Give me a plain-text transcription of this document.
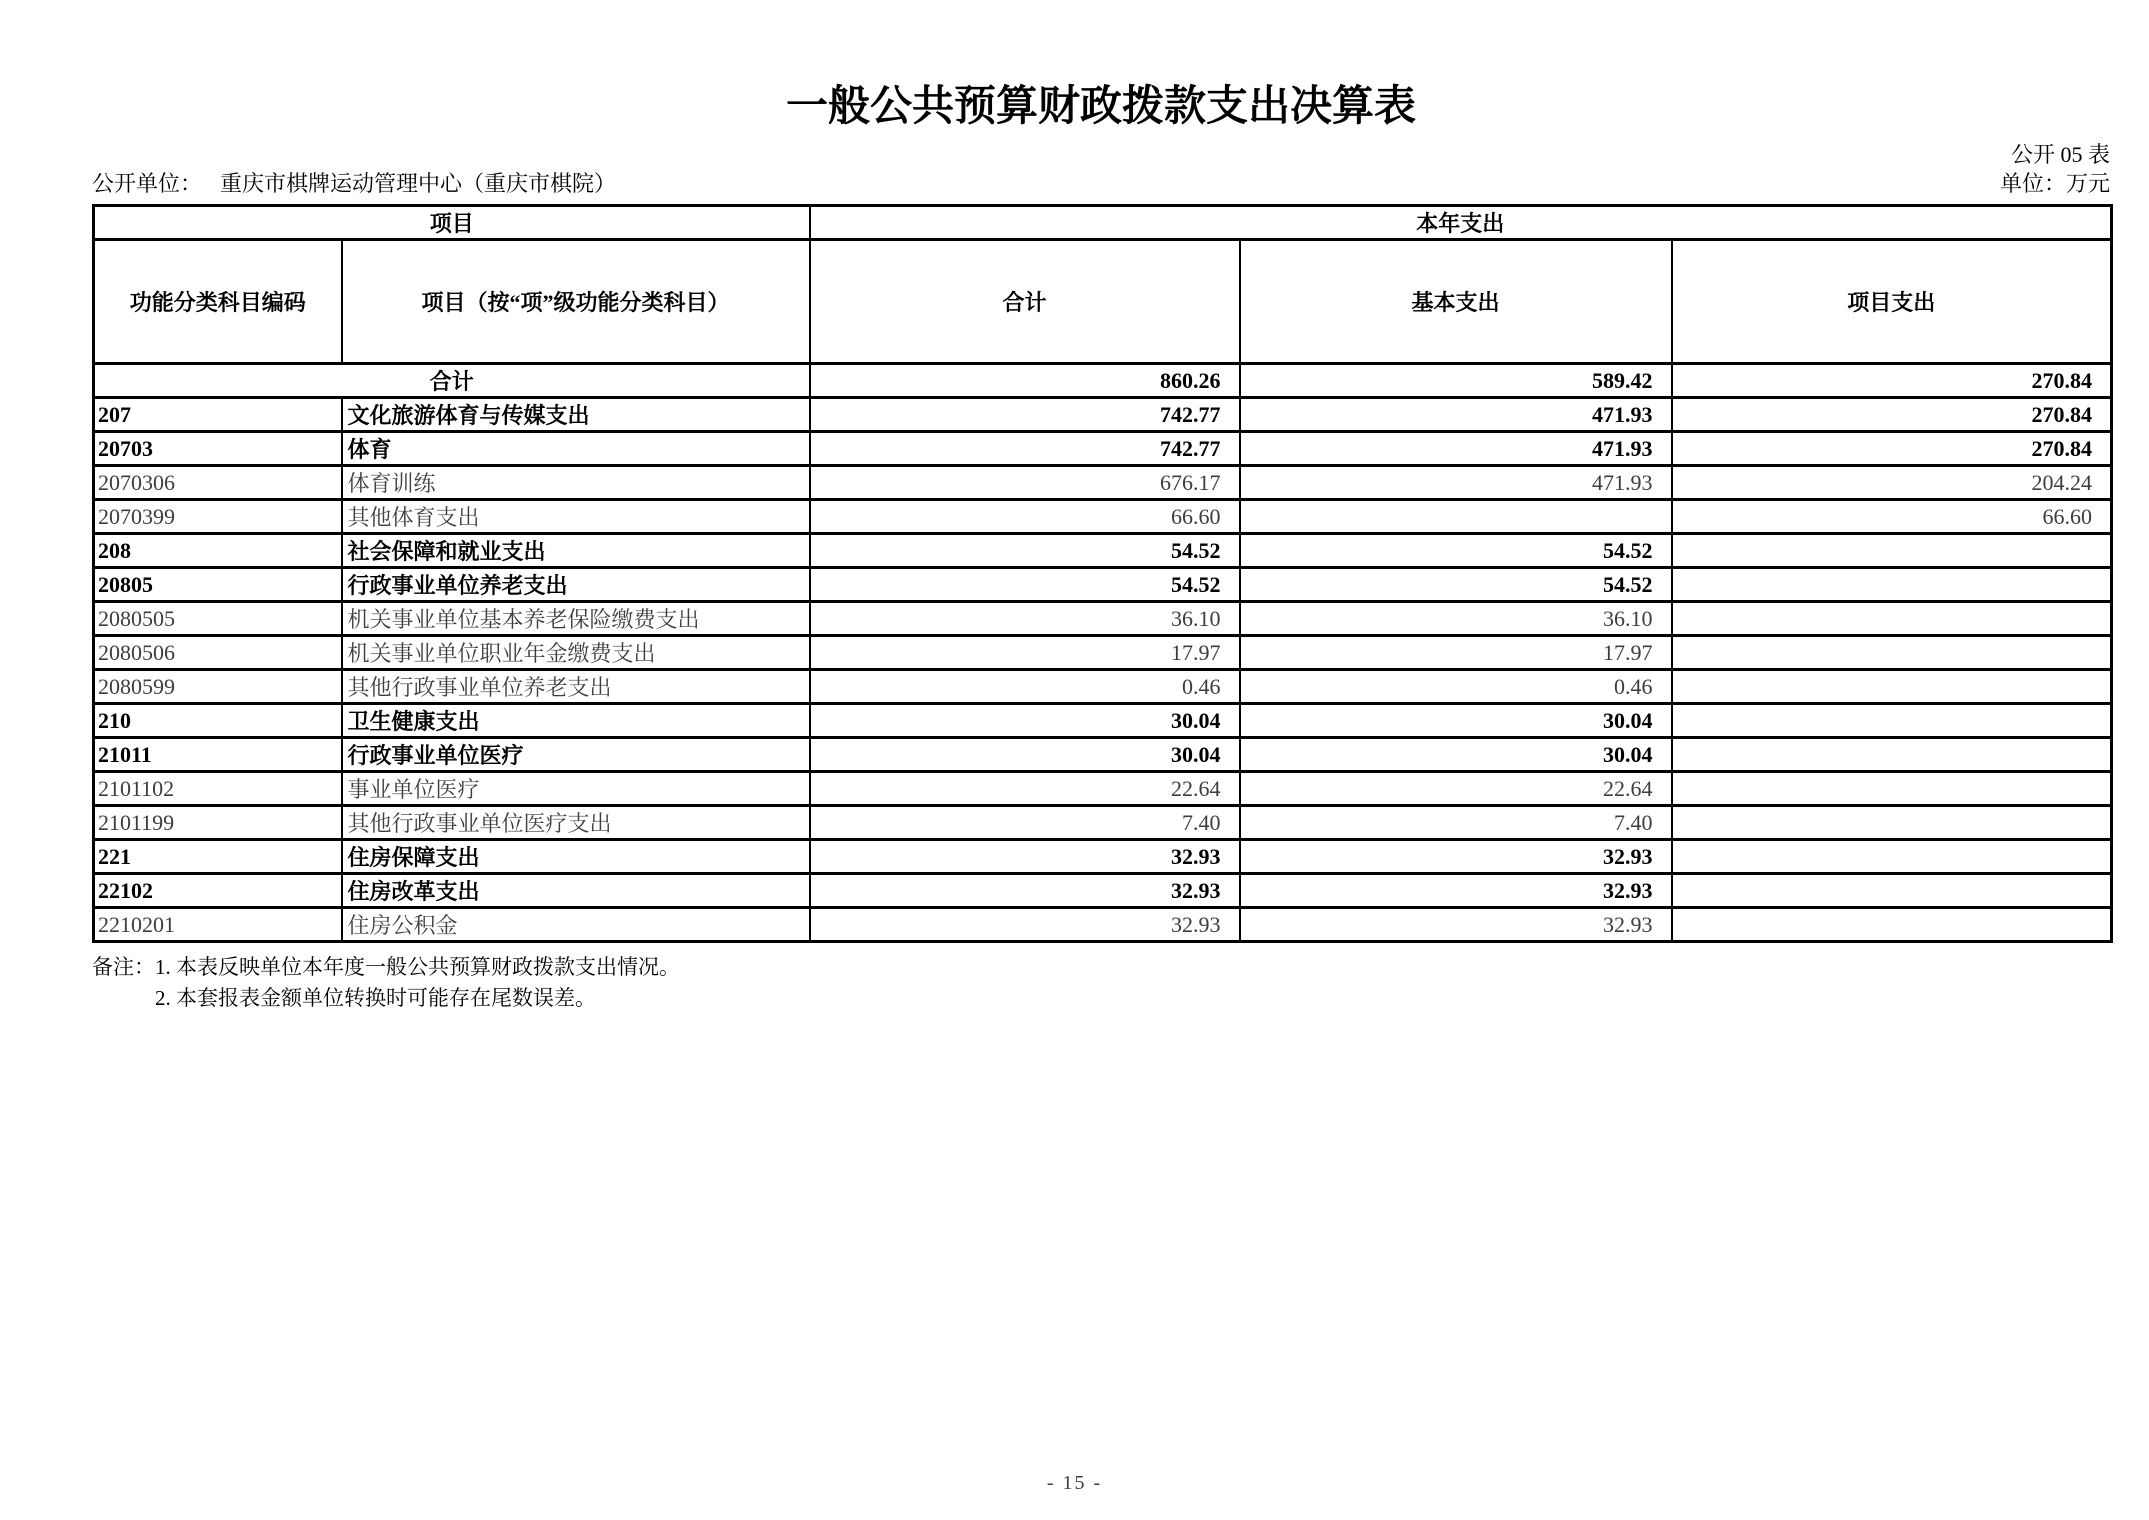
一般公共预算财政拨款支出决算表
公开 05 表
公开单位： 重庆市棋牌运动管理中心（重庆市棋院）	单位：万元
项目		本年支出		
功能分类科目编码	项目（按“项”级功能分类科目）	合计	基本支出	项目支出
合计		860.26	589.42	270.84
207	文化旅游体育与传媒支出	742.77	471.93	270.84
20703	体育	742.77	471.93	270.84
2070306	体育训练	676.17	471.93	204.24
2070399	其他体育支出	66.60		66.60
208	社会保障和就业支出	54.52	54.52	
20805	行政事业单位养老支出	54.52	54.52	
2080505	机关事业单位基本养老保险缴费支出	36.10	36.10	
2080506	机关事业单位职业年金缴费支出	17.97	17.97	
2080599	其他行政事业单位养老支出	0.46	0.46	
210	卫生健康支出	30.04	30.04	
21011	行政事业单位医疗	30.04	30.04	
2101102	事业单位医疗	22.64	22.64	
2101199	其他行政事业单位医疗支出	7.40	7.40	
221	住房保障支出	32.93	32.93	
22102	住房改革支出	32.93	32.93	
2210201	住房公积金	32.93	32.93	
备注：1. 本表反映单位本年度一般公共预算财政拨款支出情况。
2. 本套报表金额单位转换时可能存在尾数误差。
- 15 -
